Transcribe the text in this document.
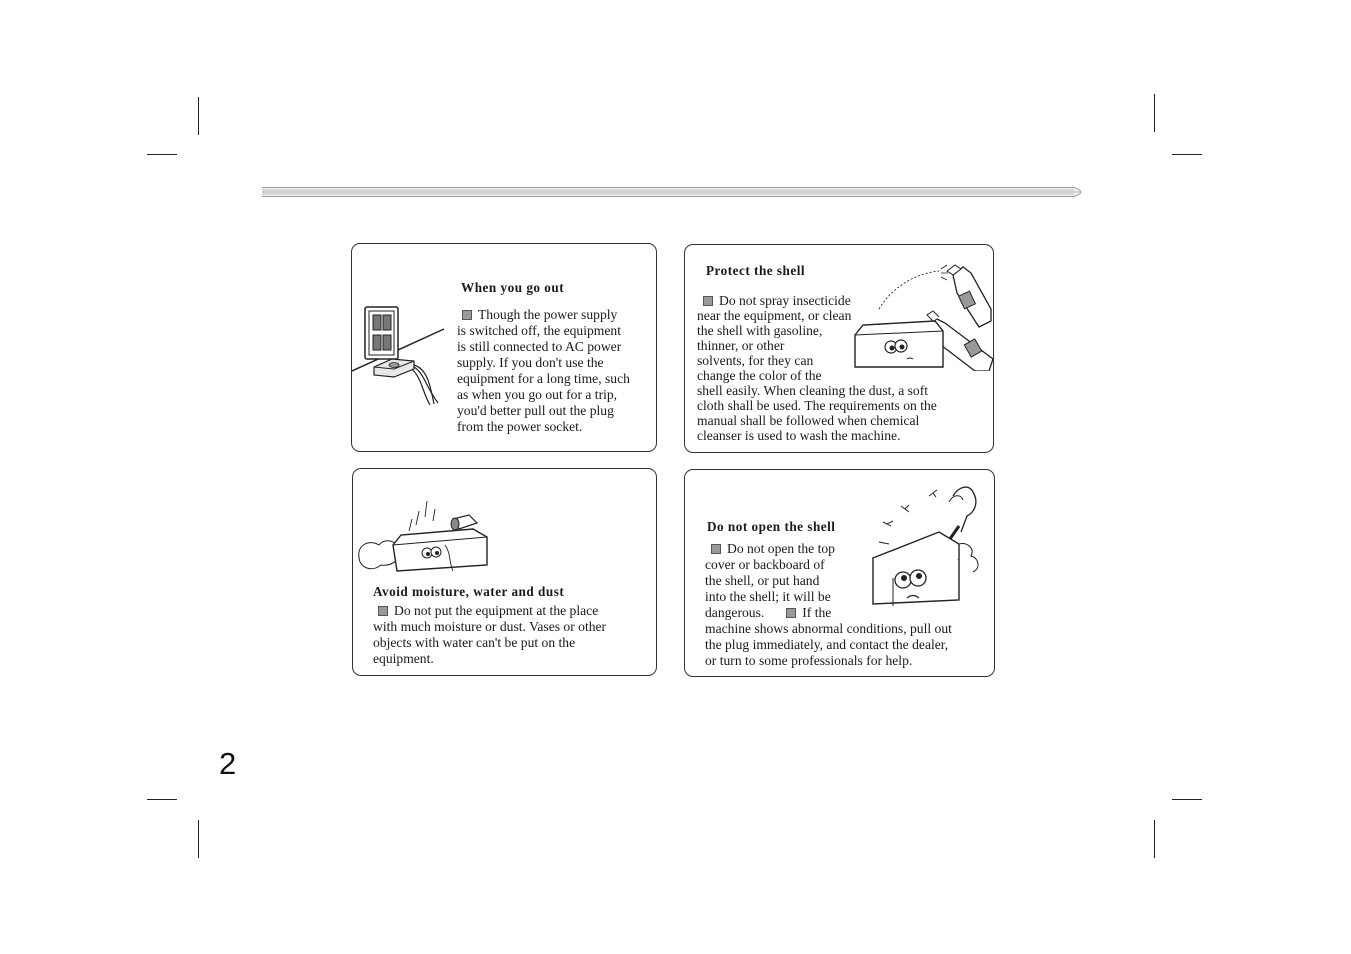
When you go out
Though the power supply
is switched off, the equipment
is still connected to AC power
supply. If you don't use the
equipment for a long time, such
as when you go out for a trip,
you'd better pull out the plug
from the power socket.
Protect the shell
Do not spray insecticide
near the equipment, or clean
the shell with gasoline,
thinner, or other
solvents, for they can
change the color of the
shell easily. When cleaning the dust, a soft
cloth shall be used. The requirements on the
manual shall be followed when chemical
cleanser is used to wash the machine.
Avoid moisture, water and dust
Do not put the equipment at the place
with much moisture or dust. Vases or other
objects with water can't be put on the
equipment.
Do not open the shell
Do not open the top
cover or backboard of
the shell, or put hand
into the shell; it will be
dangerous.	If the
machine shows abnormal conditions, pull out
the plug immediately, and contact the dealer,
or turn to some professionals for help.
2
